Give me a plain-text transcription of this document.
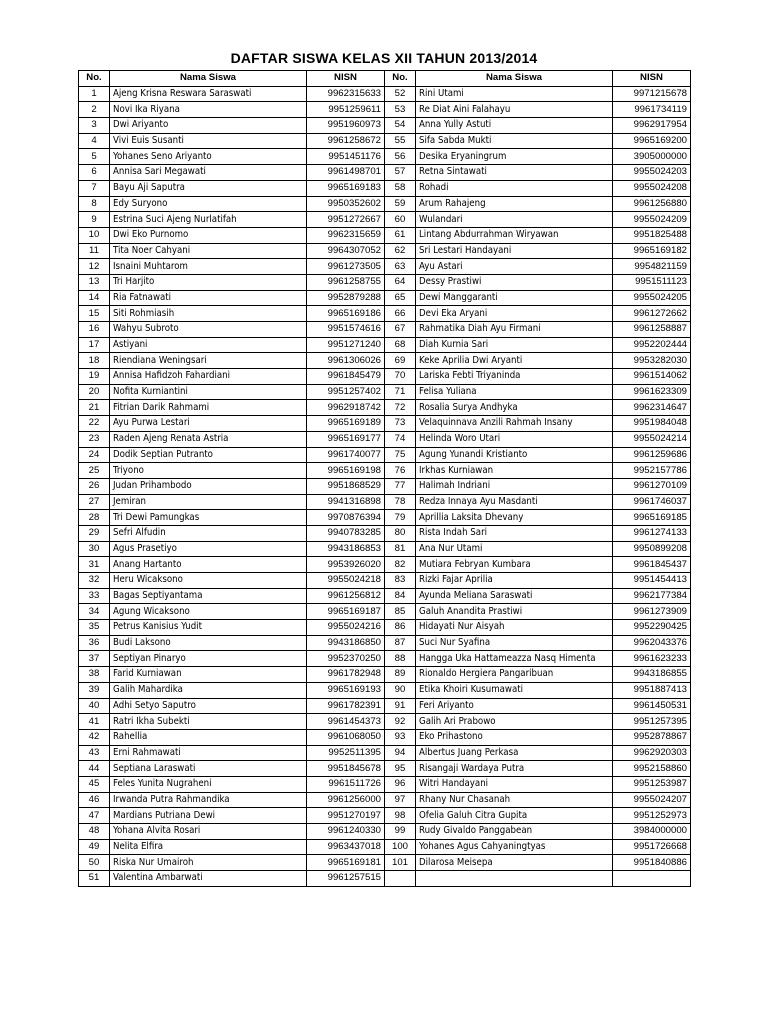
DAFTAR SISWA KELAS XII TAHUN 2013/2014
No.	Nama Siswa	NISN	No.	Nama Siswa	NISN
1	Ajeng Krisna Reswara Saraswati	9962315633	52	Rini Utami	9971215678
2	Novi Ika Riyana	9951259611	53	Re Diat Aini Falahayu	9961734119
3	Dwi Ariyanto	9951960973	54	Anna Yully Astuti	9962917954
4	Vivi Euis Susanti	9961258672	55	Sifa Sabda Mukti	9965169200
5	Yohanes Seno Ariyanto	9951451176	56	Desika Eryaningrum	3905000000
6	Annisa Sari Megawati	9961498701	57	Retna Sintawati	9955024203
7	Bayu Aji Saputra	9965169183	58	Rohadi	9955024208
8	Edy Suryono	9950352602	59	Arum Rahajeng	9961256880
9	Estrina Suci Ajeng Nurlatifah	9951272667	60	Wulandari	9955024209
10	Dwi Eko Purnomo	9962315659	61	Lintang Abdurrahman Wiryawan	9951825488
11	Tita Noer Cahyani	9964307052	62	Sri Lestari Handayani	9965169182
12	Isnaini Muhtarom	9961273505	63	Ayu Astari	9954821159
13	Tri Harjito	9961258755	64	Dessy Prastiwi	9951511123
14	Ria Fatnawati	9952879288	65	Dewi Manggaranti	9955024205
15	Siti Rohmiasih	9965169186	66	Devi Eka Aryani	9961272662
16	Wahyu Subroto	9951574616	67	Rahmatika Diah Ayu Firmani	9961258887
17	Astiyani	9951271240	68	Diah Kurnia Sari	9952202444
18	Riendiana Weningsari	9961306026	69	Keke Aprilia Dwi Aryanti	9953282030
19	Annisa Hafidzoh Fahardiani	9961845479	70	Lariska Febti Triyaninda	9961514062
20	Nofita Kurniantini	9951257402	71	Felisa Yuliana	9961623309
21	Fitrian Darik Rahmami	9962918742	72	Rosalia Surya Andhyka	9962314647
22	Ayu Purwa Lestari	9965169189	73	Velaquinnava Anzili Rahmah Insany	9951984048
23	Raden Ajeng Renata Astria	9965169177	74	Helinda Woro Utari	9955024214
24	Dodik Septian Putranto	9961740077	75	Agung Yunandi Kristianto	9961259686
25	Triyono	9965169198	76	Irkhas Kurniawan	9952157786
26	Judan Prihambodo	9951868529	77	Halimah Indriani	9961270109
27	Jemiran	9941316898	78	Redza Innaya Ayu Masdanti	9961746037
28	Tri Dewi Pamungkas	9970876394	79	Aprillia Laksita Dhevany	9965169185
29	Sefri Alfudin	9940783285	80	Rista Indah Sari	9961274133
30	Agus Prasetiyo	9943186853	81	Ana Nur Utami	9950899208
31	Anang Hartanto	9953926020	82	Mutiara Febryan Kumbara	9961845437
32	Heru Wicaksono	9955024218	83	Rizki Fajar Aprilia	9951454413
33	Bagas Septiyantama	9961256812	84	Ayunda Meliana Saraswati	9962177384
34	Agung Wicaksono	9965169187	85	Galuh Anandita Prastiwi	9961273909
35	Petrus Kanisius Yudit	9955024216	86	Hidayati Nur Aisyah	9952290425
36	Budi Laksono	9943186850	87	Suci Nur Syafina	9962043376
37	Septiyan Pinaryo	9952370250	88	Hangga Uka Hattameazza Nasq Himenta	9961623233
38	Farid Kurniawan	9961782948	89	Rionaldo Hergiera Pangaribuan	9943186855
39	Galih Mahardika	9965169193	90	Etika Khoiri Kusumawati	9951887413
40	Adhi Setyo Saputro	9961782391	91	Feri Ariyanto	9961450531
41	Ratri Ikha Subekti	9961454373	92	Galih Ari Prabowo	9951257395
42	Rahellia	9961068050	93	Eko Prihastono	9952878867
43	Erni Rahmawati	9952511395	94	Albertus Juang Perkasa	9962920303
44	Septiana Laraswati	9951845678	95	Risangaji Wardaya Putra	9952158860
45	Feles Yunita Nugraheni	9961511726	96	Witri Handayani	9951253987
46	Irwanda Putra Rahmandika	9961256000	97	Rhany Nur Chasanah	9955024207
47	Mardians Putriana Dewi	9951270197	98	Ofelia Galuh Citra Gupita	9951252973
48	Yohana Alvita Rosari	9961240330	99	Rudy Givaldo Panggabean	3984000000
49	Nelita Elfira	9963437018	100	Yohanes Agus Cahyaningtyas	9951726668
50	Riska Nur Umairoh	9965169181	101	Dilarosa Meisepa	9951840886
51	Valentina Ambarwati	9961257515			
